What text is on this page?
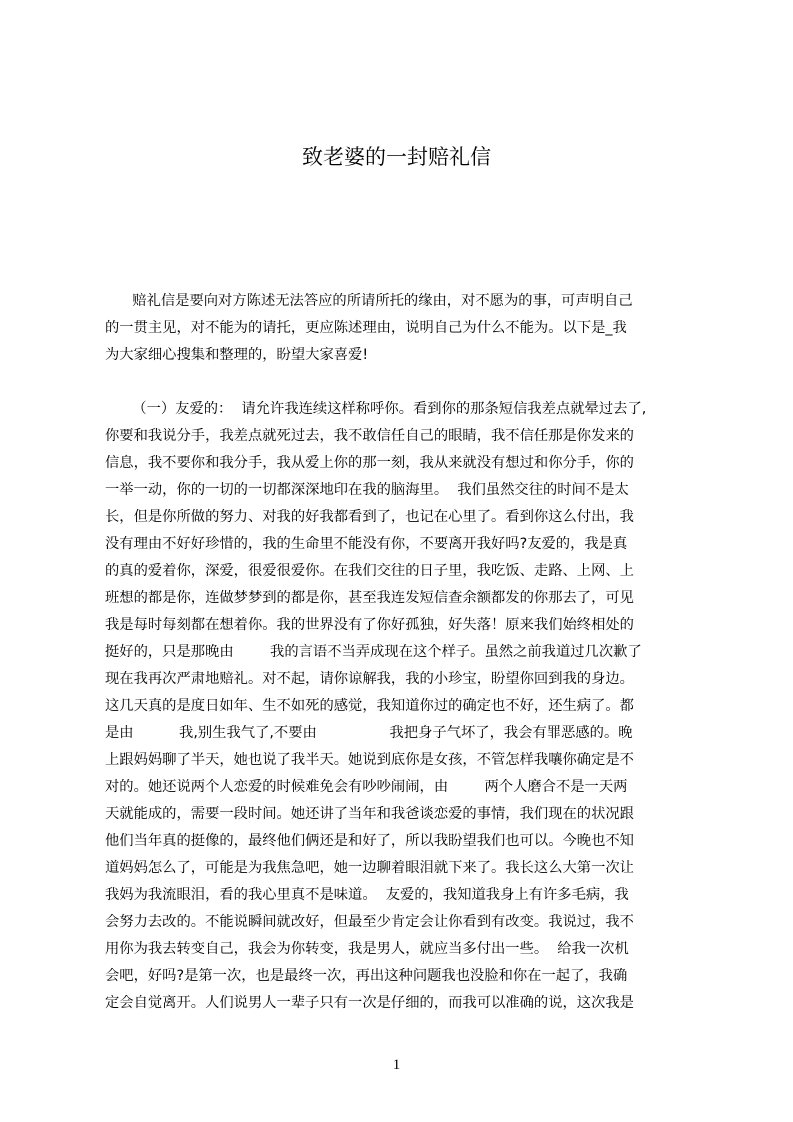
致老婆的一封赔礼信
赔礼信是要向对方陈述无法答应的所请所托的缘由，对不愿为的事，可声明自己
的一贯主见，对不能为的请托，更应陈述理由，说明自己为什么不能为。以下是_我
为大家细心搜集和整理的，盼望大家喜爱!
（一）友爱的：  请允许我连续这样称呼你。看到你的那条短信我差点就晕过去了,
你要和我说分手，我差点就死过去，我不敢信任自己的眼睛，我不信任那是你发来的
信息，我不要你和我分手，我从爱上你的那一刻，我从来就没有想过和你分手，你的
一举一动，你的一切的一切都深深地印在我的脑海里。  我们虽然交往的时间不是太
长，但是你所做的努力、对我的好我都看到了，也记在心里了。看到你这么付出，我
没有理由不好好珍惜的，我的生命里不能没有你，不要离开我好吗?友爱的，我是真
的真的爱着你，深爱，很爱很爱你。在我们交往的日子里，我吃饭、走路、上网、上
班想的都是你，连做梦梦到的都是你，甚至我连发短信查余额都发的你那去了，可见
我是每时每刻都在想着你。我的世界没有了你好孤独，好失落！原来我们始终相处的
挺好的，只是那晚由        我的言语不当弄成现在这个样子。虽然之前我道过几次歉了
现在我再次严肃地赔礼。对不起，请你谅解我，我的小珍宝，盼望你回到我的身边。
这几天真的是度日如年、生不如死的感觉，我知道你过的确定也不好，还生病了。都
是由          我,别生我气了,不要由                我把身子气坏了，我会有罪恶感的。晚
上跟妈妈聊了半天，她也说了我半天。她说到底你是女孩，不管怎样我嚷你确定是不
对的。她还说两个人恋爱的时候难免会有吵吵闹闹，由        两个人磨合不是一天两
天就能成的，需要一段时间。她还讲了当年和我爸谈恋爱的事情，我们现在的状况跟
他们当年真的挺像的，最终他们俩还是和好了，所以我盼望我们也可以。今晚也不知
道妈妈怎么了，可能是为我焦急吧，她一边聊着眼泪就下来了。我长这么大第一次让
我妈为我流眼泪，看的我心里真不是味道。  友爱的，我知道我身上有许多毛病，我
会努力去改的。不能说瞬间就改好，但最至少肯定会让你看到有改变。我说过，我不
用你为我去转变自己，我会为你转变，我是男人，就应当多付出一些。  给我一次机
会吧，好吗?是第一次，也是最终一次，再出这种问题我也没脸和你在一起了，我确
定会自觉离开。人们说男人一辈子只有一次是仔细的，而我可以准确的说，这次我是
1
